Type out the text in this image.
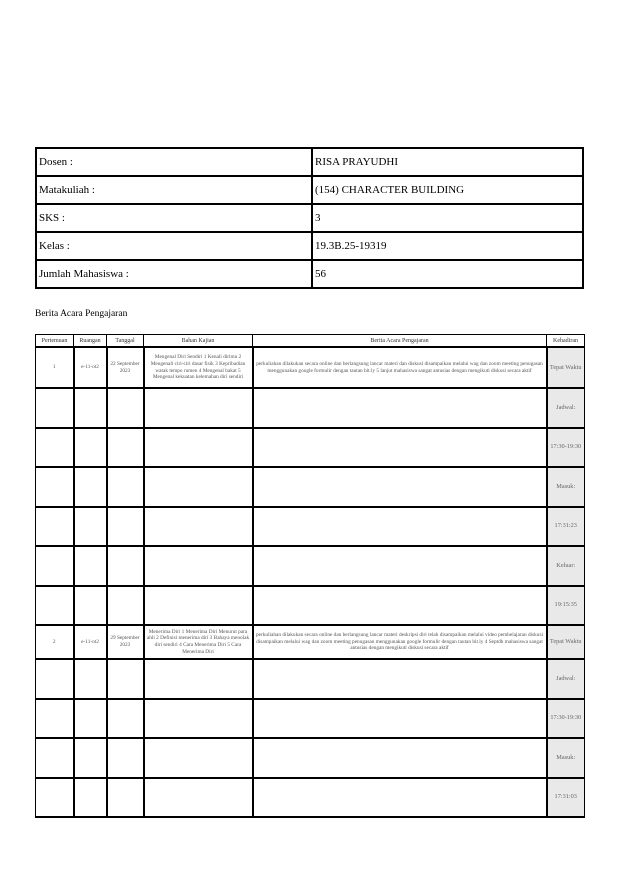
Dosen :	RISA PRAYUDHI
Matakuliah :	(154) CHARACTER BUILDING
SKS :	3
Kelas :	19.3B.25-19319
Jumlah Mahasiswa :	56
Berita Acara Pengajaran
Pertemuan	Ruangan	Tanggal	Bahan Kajian	Berita Acara Pengajaran	Kehadiran
1	e-11-ot2	22 September 2023	Mengenal Diri Sendiri 1 Kenali dirimu 2 Mengenali ciri-ciri dasar fisik 3 Kepribadian watak tempo rumen 4 Mengenal bakat 5 Mengenal kekuatan kelemahan diri sendiri	perkuliahan dilakukan secara online dan berlangsung lancar materi dan diskusi disampaikan melalui wag dan zoom meeting penugasan menggunakan google formulir dengan tautan bit.ly 5 lanjut mahasiswa sangat antusias dengan mengikuti diskusi secara aktif	Tepat Waktu
					Jadwal:
					17:30-19:30
					Masuk:
					17:31:23
					Keluar:
					19:15:35
2	e-11-ot2	29 September 2023	Menerima Diri 1 Menerima Diri Menurut para ahli 2 Definisi menerima diri 3 Bahaya menolak diri sendiri 4 Cara Menerima Diri 5 Cara Menerima Diri	perkuliahan dilakukan secara online dan berlangsung lancar materi deskripsi diri telah disampaikan melalui video pembelajaran diskusi disampaikan melalui wag dan zoom meeting penugasan menggunakan google formulir dengan tautan bit.ly 4 Septdh mahasiswa sangat antusias dengan mengikuti diskusi secara aktif	Tepat Waktu
					Jadwal:
					17:30-19:30
					Masuk:
					17:31:03
